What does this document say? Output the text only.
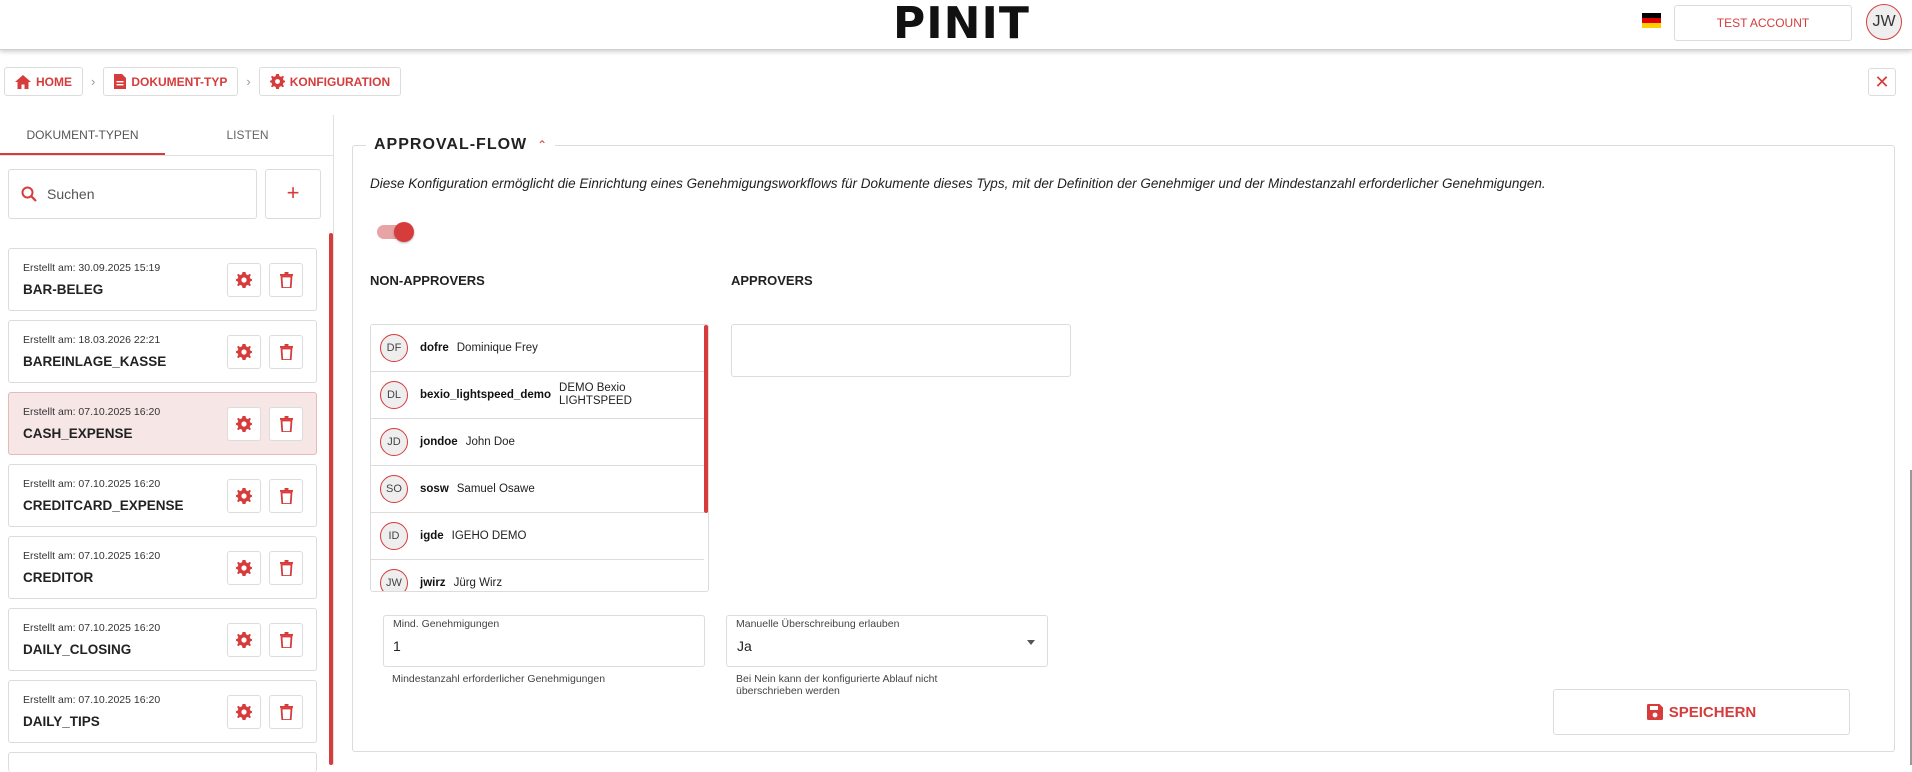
PINIT	TEST ACCOUNT	JW
HOME ›	DOKUMENT-TYP ›	KONFIGURATION	✕
DOKUMENT-TYPEN	LISTEN
Suchen
+
Erstellt am: 30.09.2025 15:19
BAR-BELEG
Erstellt am: 18.03.2026 22:21
BAREINLAGE_KASSE
Erstellt am: 07.10.2025 16:20
CASH_EXPENSE
Erstellt am: 07.10.2025 16:20
CREDITCARD_EXPENSE
Erstellt am: 07.10.2025 16:20
CREDITOR
Erstellt am: 07.10.2025 16:20
DAILY_CLOSING
Erstellt am: 07.10.2025 16:20
DAILY_TIPS
APPROVAL-FLOW ⌃
Diese Konfiguration ermöglicht die Einrichtung eines Genehmigungsworkflows für Dokumente dieses Typs, mit der Definition der Genehmiger und der Mindestanzahl erforderlicher Genehmigungen.
NON-APPROVERS	APPROVERS
DF	dofre Dominique Frey
DL	bexio_lightspeed_demo
DEMO Bexio LIGHTSPEED
JD	jondoe John Doe
SO	sosw Samuel Osawe
ID	igde IGEHO DEMO
JW	jwirz Jürg Wirz
Mind. Genehmigungen
1
Mindestanzahl erforderlicher Genehmigungen
Manuelle Überschreibung erlauben
Ja
Bei Nein kann der konfigurierte Ablauf nicht überschrieben werden
SPEICHERN
